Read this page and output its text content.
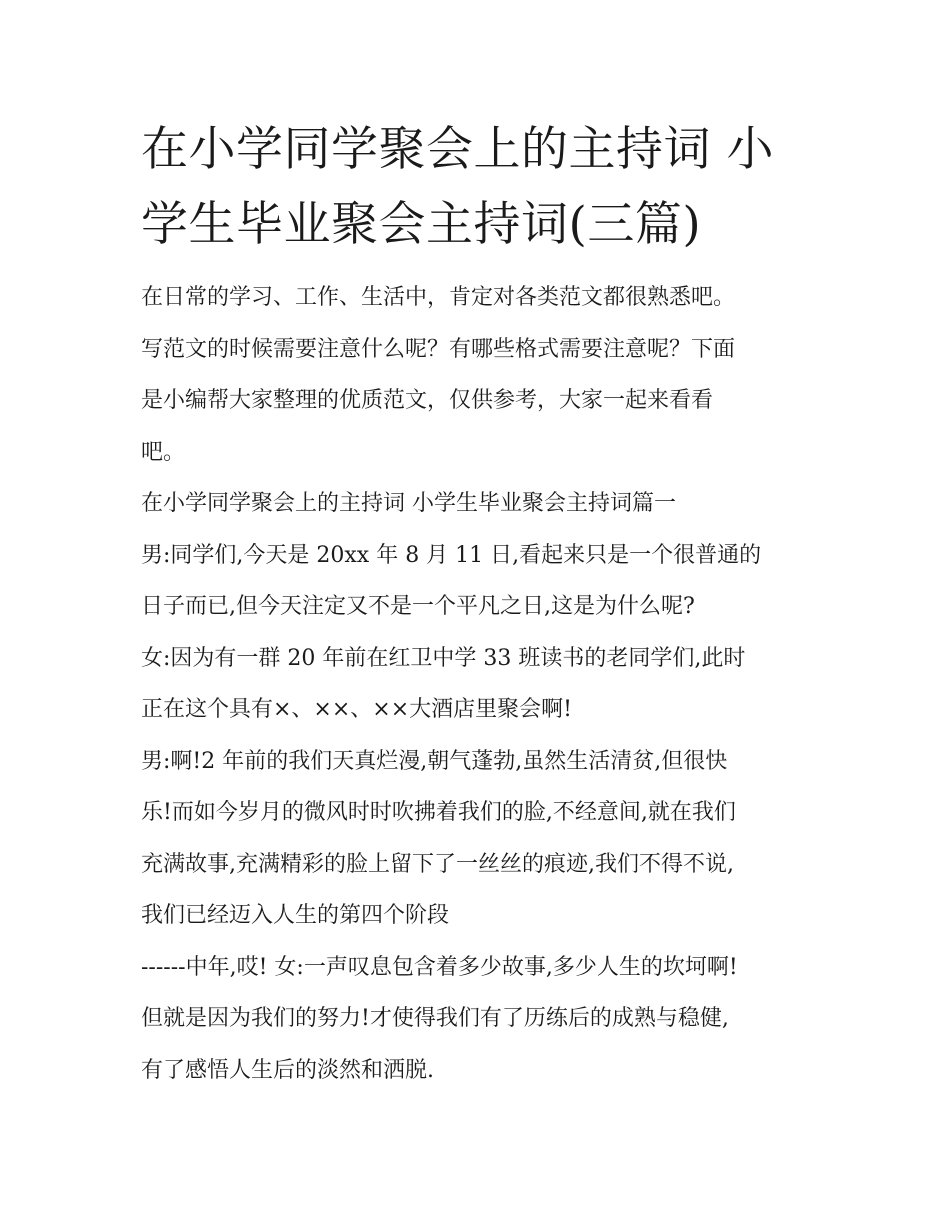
在小学同学聚会上的主持词 小
学生毕业聚会主持词(三篇)
在日常的学习、工作、生活中，肯定对各类范文都很熟悉吧。
写范文的时候需要注意什么呢？有哪些格式需要注意呢？下面
是小编帮大家整理的优质范文，仅供参考，大家一起来看看
吧。
在小学同学聚会上的主持词 小学生毕业聚会主持词篇一
男:同学们,今天是 20xx 年 8 月 11 日,看起来只是一个很普通的
日子而已,但今天注定又不是一个平凡之日,这是为什么呢?
女:因为有一群 20 年前在红卫中学 33 班读书的老同学们,此时
正在这个具有×、××、××大酒店里聚会啊!
男:啊!2 年前的我们天真烂漫,朝气蓬勃,虽然生活清贫,但很快
乐!而如今岁月的微风时时吹拂着我们的脸,不经意间,就在我们
充满故事,充满精彩的脸上留下了一丝丝的痕迹,我们不得不说,
我们已经迈入人生的第四个阶段
------中年,哎! 女:一声叹息包含着多少故事,多少人生的坎坷啊!
但就是因为我们的努力!才使得我们有了历练后的成熟与稳健,
有了感悟人生后的淡然和洒脱.
